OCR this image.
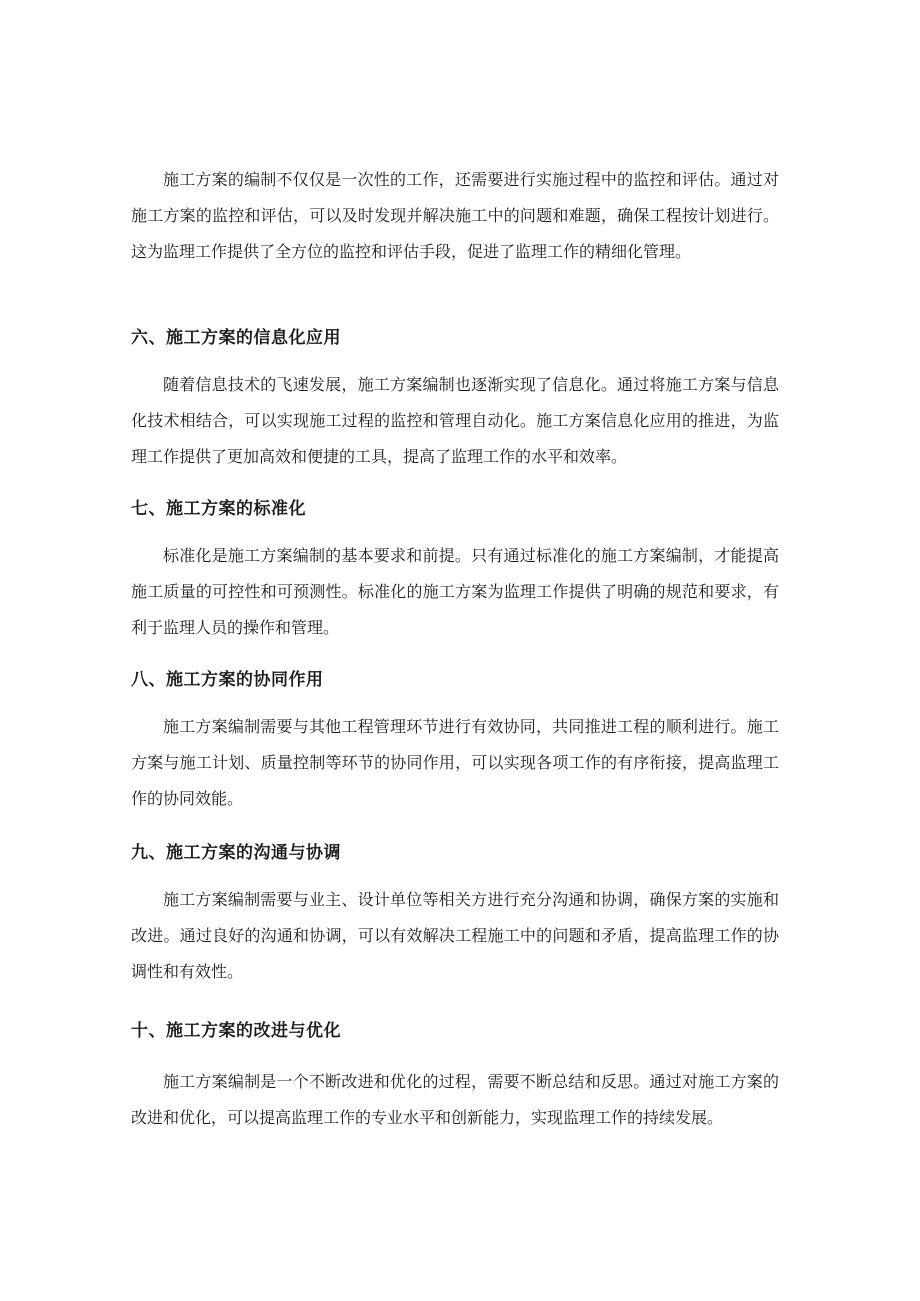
施工方案的编制不仅仅是一次性的工作，还需要进行实施过程中的监控和评估。通过对施工方案的监控和评估，可以及时发现并解决施工中的问题和难题，确保工程按计划进行。这为监理工作提供了全方位的监控和评估手段，促进了监理工作的精细化管理。

六、施工方案的信息化应用

随着信息技术的飞速发展，施工方案编制也逐渐实现了信息化。通过将施工方案与信息化技术相结合，可以实现施工过程的监控和管理自动化。施工方案信息化应用的推进，为监理工作提供了更加高效和便捷的工具，提高了监理工作的水平和效率。

七、施工方案的标准化

标准化是施工方案编制的基本要求和前提。只有通过标准化的施工方案编制，才能提高施工质量的可控性和可预测性。标准化的施工方案为监理工作提供了明确的规范和要求，有利于监理人员的操作和管理。

八、施工方案的协同作用

施工方案编制需要与其他工程管理环节进行有效协同，共同推进工程的顺利进行。施工方案与施工计划、质量控制等环节的协同作用，可以实现各项工作的有序衔接，提高监理工作的协同效能。

九、施工方案的沟通与协调

施工方案编制需要与业主、设计单位等相关方进行充分沟通和协调，确保方案的实施和改进。通过良好的沟通和协调，可以有效解决工程施工中的问题和矛盾，提高监理工作的协调性和有效性。

十、施工方案的改进与优化

施工方案编制是一个不断改进和优化的过程，需要不断总结和反思。通过对施工方案的改进和优化，可以提高监理工作的专业水平和创新能力，实现监理工作的持续发展。
